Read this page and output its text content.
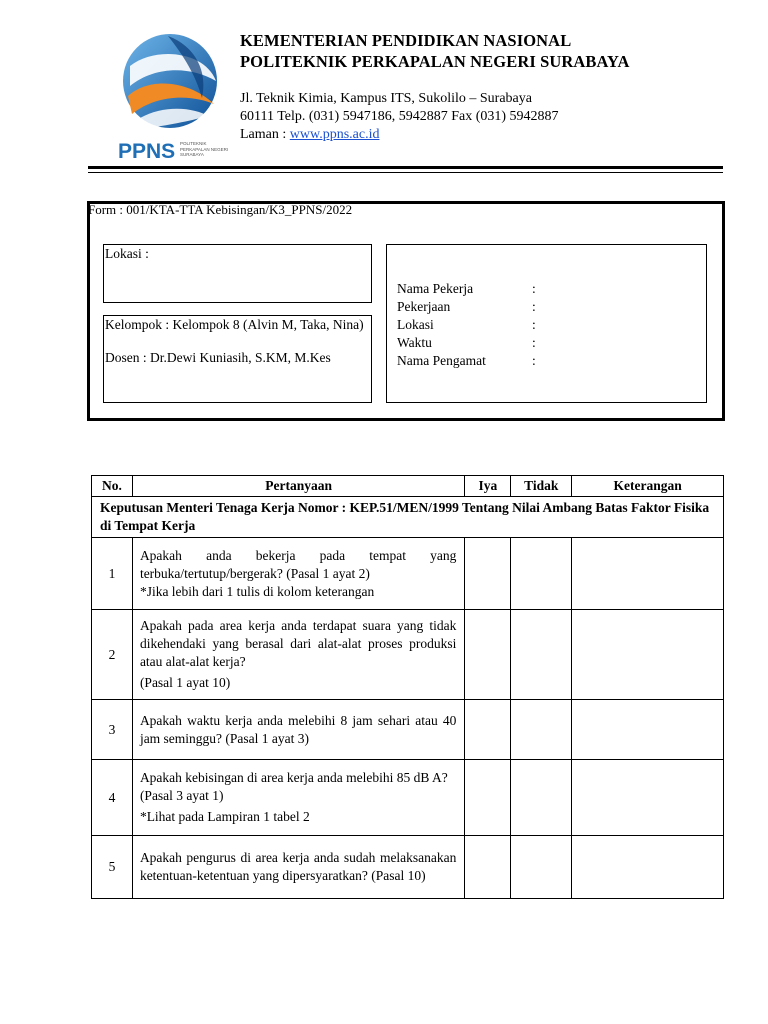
PPNS POLITEKNIK PERKAPALAN NEGERI SURABAYA
KEMENTERIAN PENDIDIKAN NASIONAL
POLITEKNIK PERKAPALAN NEGERI SURABAYA
Jl. Teknik Kimia, Kampus ITS, Sukolilo – Surabaya
60111 Telp. (031) 5947186, 5942887 Fax (031) 5942887
Laman : www.ppns.ac.id
Form : 001/KTA-TTA Kebisingan/K3_PPNS/2022
Lokasi :
Kelompok : Kelompok 8 (Alvin M, Taka, Nina)
Dosen : Dr.Dewi Kuniasih, S.KM, M.Kes
Nama Pekerja	:
Pekerjaan	:
Lokasi	:
Waktu	:
Nama Pengamat	:
No.	Pertanyaan	Iya	Tidak	Keterangan
Keputusan Menteri Tenaga Kerja Nomor : KEP.51/MEN/1999 Tentang Nilai Ambang Batas Faktor Fisika di Tempat Kerja				
1	Apakah anda bekerja pada tempat yang terbuka/tertutup/bergerak? (Pasal 1 ayat 2)

*Jika lebih dari 1 tulis di kolom keterangan			

2	Apakah pada area kerja anda terdapat suara yang tidak dikehendaki yang berasal dari alat-alat proses produksi atau alat-alat kerja?

(Pasal 1 ayat 10)			

3	Apakah waktu kerja anda melebihi 8 jam sehari atau 40 jam seminggu? (Pasal 1 ayat 3)			

4	Apakah kebisingan di area kerja anda melebihi 85 dB A? (Pasal 3 ayat 1)

*Lihat pada Lampiran 1 tabel 2			

5	Apakah pengurus di area kerja anda sudah melaksanakan ketentuan-ketentuan yang dipersyaratkan? (Pasal 10)			
